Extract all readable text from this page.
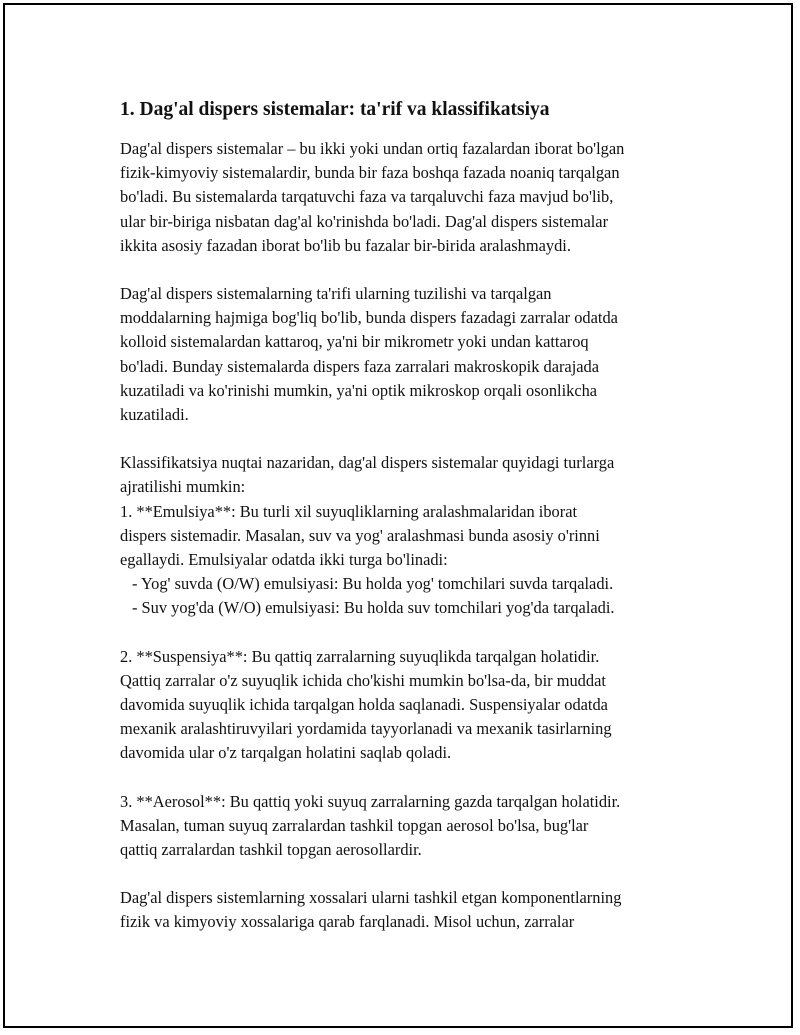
1. Dag'al dispers sistemalar: ta'rif va klassifikatsiya
Dag'al dispers sistemalar – bu ikki yoki undan ortiq fazalardan iborat bo'lgan
fizik-kimyoviy sistemalardir, bunda bir faza boshqa fazada noaniq tarqalgan
bo'ladi. Bu sistemalarda tarqatuvchi faza va tarqaluvchi faza mavjud bo'lib,
ular bir-biriga nisbatan dag'al ko'rinishda bo'ladi. Dag'al dispers sistemalar
ikkita asosiy fazadan iborat bo'lib bu fazalar bir-birida aralashmaydi.
Dag'al dispers sistemalarning ta'rifi ularning tuzilishi va tarqalgan
moddalarning hajmiga bog'liq bo'lib, bunda dispers fazadagi zarralar odatda
kolloid sistemalardan kattaroq, ya'ni bir mikrometr yoki undan kattaroq
bo'ladi. Bunday sistemalarda dispers faza zarralari makroskopik darajada
kuzatiladi va ko'rinishi mumkin, ya'ni optik mikroskop orqali osonlikcha
kuzatiladi.
Klassifikatsiya nuqtai nazaridan, dag'al dispers sistemalar quyidagi turlarga
ajratilishi mumkin:
1. **Emulsiya**: Bu turli xil suyuqliklarning aralashmalaridan iborat
dispers sistemadir. Masalan, suv va yog' aralashmasi bunda asosiy o'rinni
egallaydi. Emulsiyalar odatda ikki turga bo'linadi:
- Yog' suvda (O/W) emulsiyasi: Bu holda yog' tomchilari suvda tarqaladi.
- Suv yog'da (W/O) emulsiyasi: Bu holda suv tomchilari yog'da tarqaladi.
2. **Suspensiya**: Bu qattiq zarralarning suyuqlikda tarqalgan holatidir.
Qattiq zarralar o'z suyuqlik ichida cho'kishi mumkin bo'lsa-da, bir muddat
davomida suyuqlik ichida tarqalgan holda saqlanadi. Suspensiyalar odatda
mexanik aralashtiruvyilari yordamida tayyorlanadi va mexanik tasirlarning
davomida ular o'z tarqalgan holatini saqlab qoladi.
3. **Aerosol**: Bu qattiq yoki suyuq zarralarning gazda tarqalgan holatidir.
Masalan, tuman suyuq zarralardan tashkil topgan aerosol bo'lsa, bug'lar
qattiq zarralardan tashkil topgan aerosollardir.
Dag'al dispers sistemlarning xossalari ularni tashkil etgan komponentlarning
fizik va kimyoviy xossalariga qarab farqlanadi. Misol uchun, zarralar
